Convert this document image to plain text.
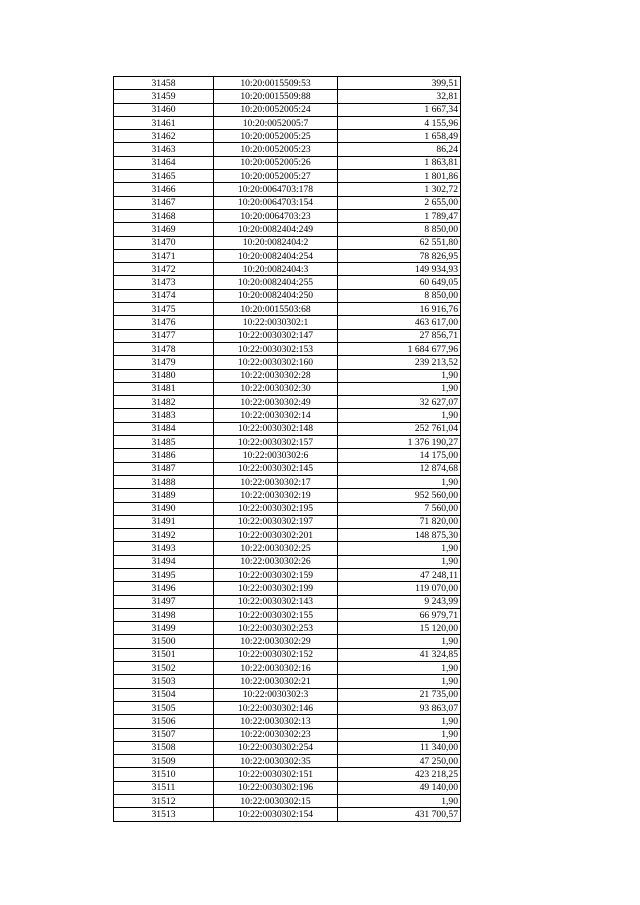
31458	10:20:0015509:53	399,51
31459	10:20:0015509:88	32,81
31460	10:20:0052005:24	1 667,34
31461	10:20:0052005:7	4 155,96
31462	10:20:0052005:25	1 658,49
31463	10:20:0052005:23	86,24
31464	10:20:0052005:26	1 863,81
31465	10:20:0052005:27	1 801,86
31466	10:20:0064703:178	1 302,72
31467	10:20:0064703:154	2 655,00
31468	10:20:0064703:23	1 789,47
31469	10:20:0082404:249	8 850,00
31470	10:20:0082404:2	62 551,80
31471	10:20:0082404:254	78 826,95
31472	10:20:0082404:3	149 934,93
31473	10:20:0082404:255	60 649,05
31474	10:20:0082404:250	8 850,00
31475	10:20:0015503:68	16 916,76
31476	10:22:0030302:1	463 617,00
31477	10:22:0030302:147	27 856,71
31478	10:22:0030302:153	1 684 677,96
31479	10:22:0030302:160	239 213,52
31480	10:22:0030302:28	1,90
31481	10:22:0030302:30	1,90
31482	10:22:0030302:49	32 627,07
31483	10:22:0030302:14	1,90
31484	10:22:0030302:148	252 761,04
31485	10:22:0030302:157	1 376 190,27
31486	10:22:0030302:6	14 175,00
31487	10:22:0030302:145	12 874,68
31488	10:22:0030302:17	1,90
31489	10:22:0030302:19	952 560,00
31490	10:22:0030302:195	7 560,00
31491	10:22:0030302:197	71 820,00
31492	10:22:0030302:201	148 875,30
31493	10:22:0030302:25	1,90
31494	10:22:0030302:26	1,90
31495	10:22:0030302:159	47 248,11
31496	10:22:0030302:199	119 070,00
31497	10:22:0030302:143	9 243,99
31498	10:22:0030302:155	66 979,71
31499	10:22:0030302:253	15 120,00
31500	10:22:0030302:29	1,90
31501	10:22:0030302:152	41 324,85
31502	10:22:0030302:16	1,90
31503	10:22:0030302:21	1,90
31504	10:22:0030302:3	21 735,00
31505	10:22:0030302:146	93 863,07
31506	10:22:0030302:13	1,90
31507	10:22:0030302:23	1,90
31508	10:22:0030302:254	11 340,00
31509	10:22:0030302:35	47 250,00
31510	10:22:0030302:151	423 218,25
31511	10:22:0030302:196	49 140,00
31512	10:22:0030302:15	1,90
31513	10:22:0030302:154	431 700,57
